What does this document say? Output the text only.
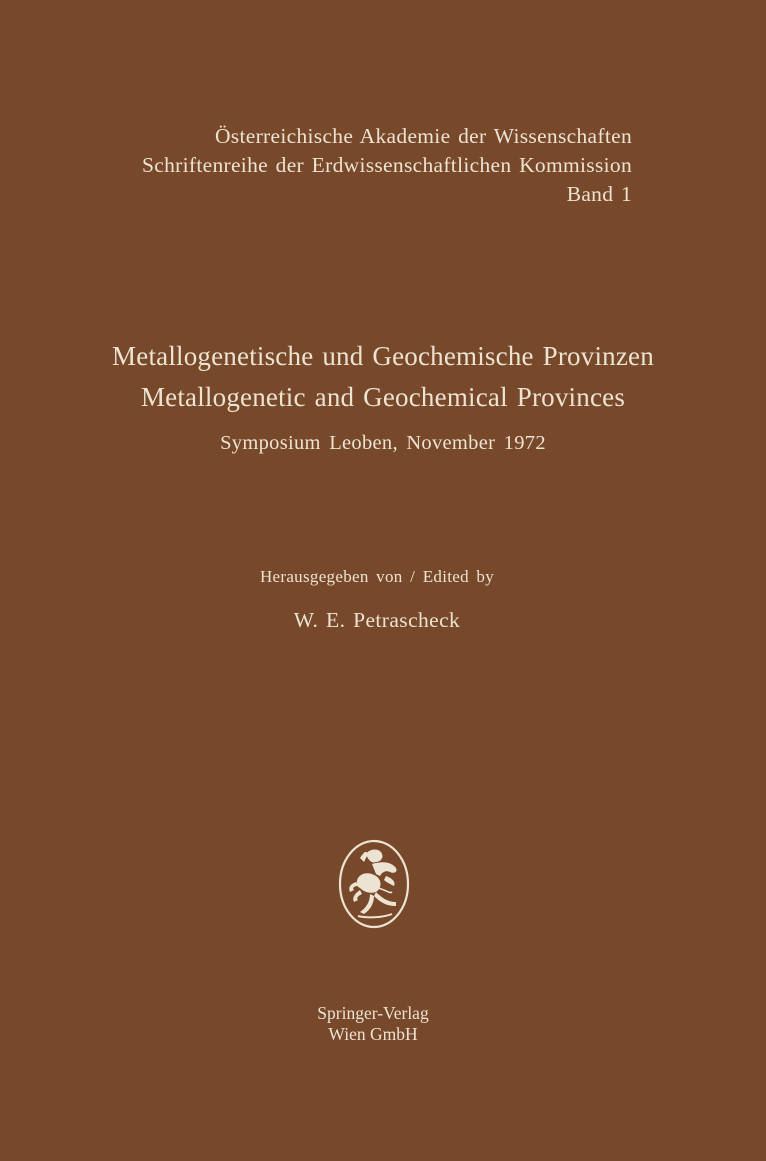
Österreichische Akademie der Wissenschaften
Schriftenreihe der Erdwissenschaftlichen Kommission
Band 1
Metallogenetische und Geochemische Provinzen
Metallogenetic and Geochemical Provinces
Symposium Leoben, November 1972
Herausgegeben von / Edited by
W. E. Petrascheck
Springer-Verlag
Wien GmbH
